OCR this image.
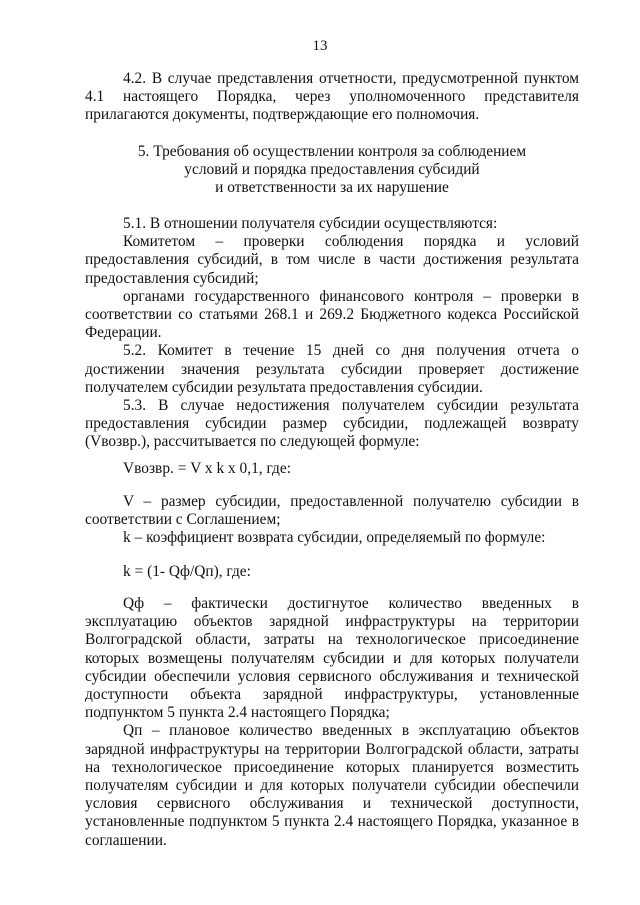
13

4.2. В случае представления отчетности, предусмотренной пунктом 4.1 настоящего Порядка, через уполномоченного представителя прилагаются документы, подтверждающие его полномочия.

5. Требования об осуществлении контроля за соблюдением
условий и порядка предоставления субсидий
и ответственности за их нарушение

5.1. В отношении получателя субсидии осуществляются:

Комитетом – проверки соблюдения порядка и условий предоставления субсидий, в том числе в части достижения результата предоставления субсидий;

органами государственного финансового контроля – проверки в соответствии со статьями 268.1 и 269.2 Бюджетного кодекса Российской Федерации.

5.2. Комитет в течение 15 дней со дня получения отчета о достижении значения результата субсидии проверяет достижение получателем субсидии результата предоставления субсидии.

5.3. В случае недостижения получателем субсидии результата предоставления субсидии размер субсидии, подлежащей возврату (Vвозвр.), рассчитывается по следующей формуле:

Vвозвр. = V x k x 0,1, где:

V – размер субсидии, предоставленной получателю субсидии в соответствии с Соглашением;

k – коэффициент возврата субсидии, определяемый по формуле:

k = (1- Qф/Qп), где:

Qф – фактически достигнутое количество введенных в эксплуатацию объектов зарядной инфраструктуры на территории Волгоградской области, затраты на технологическое присоединение которых возмещены получателям субсидии и для которых получатели субсидии обеспечили условия сервисного обслуживания и технической доступности объекта зарядной инфраструктуры, установленные подпунктом 5 пункта 2.4 настоящего Порядка;

Qп – плановое количество введенных в эксплуатацию объектов зарядной инфраструктуры на территории Волгоградской области, затраты на технологическое присоединение которых планируется возместить получателям субсидии и для которых получатели субсидии обеспечили условия сервисного обслуживания и технической доступности, установленные подпунктом 5 пункта 2.4 настоящего Порядка, указанное в соглашении.
